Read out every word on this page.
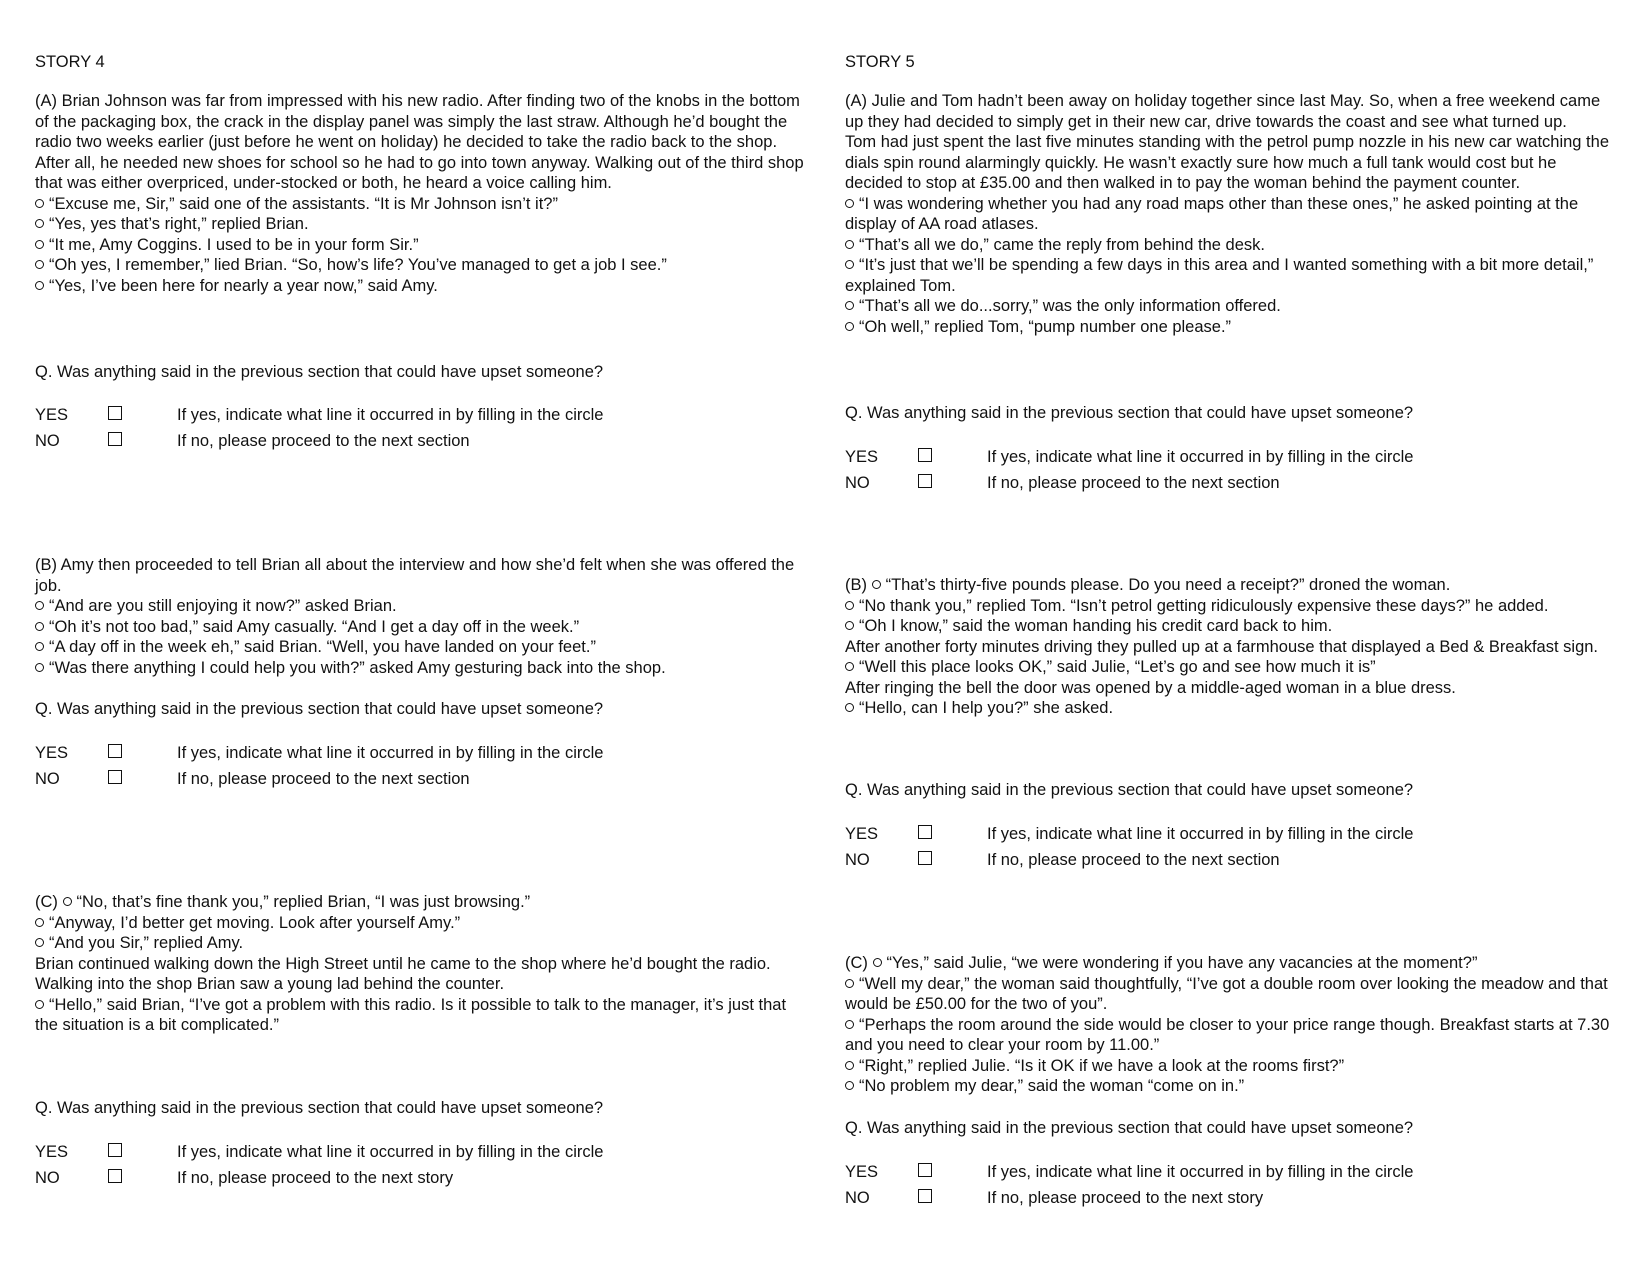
STORY 4

(A) Brian Johnson was far from impressed with his new radio. After finding two of the knobs in the bottom of the packaging box, the crack in the display panel was simply the last straw. Although he’d bought the radio two weeks earlier (just before he went on holiday) he decided to take the radio back to the shop. After all, he needed new shoes for school so he had to go into town anyway. Walking out of the third shop that was either overpriced, under-stocked or both, he heard a voice calling him.

“Excuse me, Sir,” said one of the assistants. “It is Mr Johnson isn’t it?”

“Yes, yes that’s right,” replied Brian.

“It me, Amy Coggins. I used to be in your form Sir.”

“Oh yes, I remember,” lied Brian. “So, how’s life? You’ve managed to get a job I see.”

“Yes, I’ve been here for nearly a year now,” said Amy.

Q. Was anything said in the previous section that could have upset someone?
YES	If yes, indicate what line it occurred in by filling in the circle
NO	If no, please proceed to the next section

(B) Amy then proceeded to tell Brian all about the interview and how she’d felt when she was offered the job.

“And are you still enjoying it now?” asked Brian.

“Oh it’s not too bad,” said Amy casually. “And I get a day off in the week.”

“A day off in the week eh,” said Brian. “Well, you have landed on your feet.”

“Was there anything I could help you with?” asked Amy gesturing back into the shop.

Q. Was anything said in the previous section that could have upset someone?
YES	If yes, indicate what line it occurred in by filling in the circle
NO	If no, please proceed to the next section

(C) “No, that’s fine thank you,” replied Brian, “I was just browsing.”

“Anyway, I’d better get moving. Look after yourself Amy.”

“And you Sir,” replied Amy.

Brian continued walking down the High Street until he came to the shop where he’d bought the radio.

Walking into the shop Brian saw a young lad behind the counter.

“Hello,” said Brian, “I’ve got a problem with this radio. Is it possible to talk to the manager, it’s just that the situation is a bit complicated.”

Q. Was anything said in the previous section that could have upset someone?
YES	If yes, indicate what line it occurred in by filling in the circle
NO	If no, please proceed to the next story
STORY 5

(A) Julie and Tom hadn’t been away on holiday together since last May. So, when a free weekend came up they had decided to simply get in their new car, drive towards the coast and see what turned up.

Tom had just spent the last five minutes standing with the petrol pump nozzle in his new car watching the dials spin round alarmingly quickly. He wasn’t exactly sure how much a full tank would cost but he decided to stop at £35.00 and then walked in to pay the woman behind the payment counter.

“I was wondering whether you had any road maps other than these ones,” he asked pointing at the display of AA road atlases.

“That’s all we do,” came the reply from behind the desk.

“It’s just that we’ll be spending a few days in this area and I wanted something with a bit more detail,” explained Tom.

“That’s all we do...sorry,” was the only information offered.

“Oh well,” replied Tom, “pump number one please.”

Q. Was anything said in the previous section that could have upset someone?
YES	If yes, indicate what line it occurred in by filling in the circle
NO	If no, please proceed to the next section

(B) “That’s thirty-five pounds please. Do you need a receipt?” droned the woman.

“No thank you,” replied Tom. “Isn’t petrol getting ridiculously expensive these days?” he added.

“Oh I know,” said the woman handing his credit card back to him.

After another forty minutes driving they pulled up at a farmhouse that displayed a Bed & Breakfast sign.

“Well this place looks OK,” said Julie, “Let’s go and see how much it is”

After ringing the bell the door was opened by a middle-aged woman in a blue dress.

“Hello, can I help you?” she asked.

Q. Was anything said in the previous section that could have upset someone?
YES	If yes, indicate what line it occurred in by filling in the circle
NO	If no, please proceed to the next section

(C) “Yes,” said Julie, “we were wondering if you have any vacancies at the moment?”

“Well my dear,” the woman said thoughtfully, “I’ve got a double room over looking the meadow and that would be £50.00 for the two of you”.

“Perhaps the room around the side would be closer to your price range though. Breakfast starts at 7.30 and you need to clear your room by 11.00.”

“Right,” replied Julie. “Is it OK if we have a look at the rooms first?”

“No problem my dear,” said the woman “come on in.”

Q. Was anything said in the previous section that could have upset someone?
YES	If yes, indicate what line it occurred in by filling in the circle
NO	If no, please proceed to the next story
